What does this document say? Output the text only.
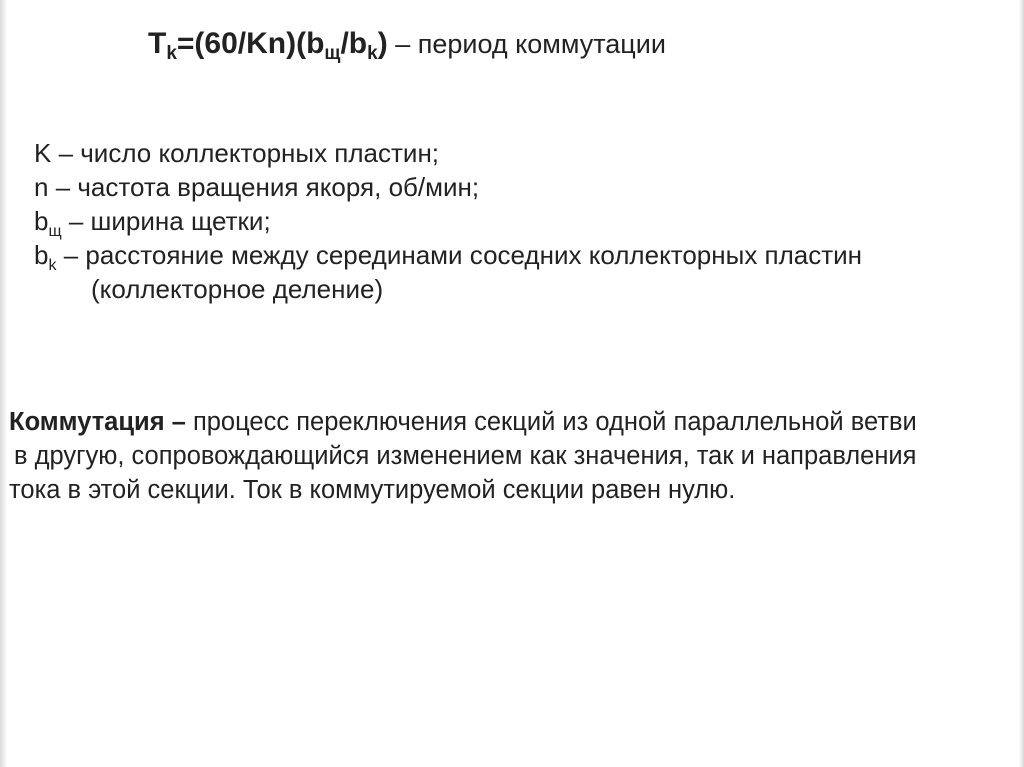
$T_k=(60/Kn)(b_щ/b_k)$ – период коммутации
K – число коллекторных пластин;
n – частота вращения якоря, об/мин;
$b_щ$ – ширина щетки;
$b_k$ – расстояние между серединами соседних коллекторных пластин
(коллекторное деление)
Коммутация – процесс переключения секций из одной параллельной ветви
в другую, сопровождающийся изменением как значения, так и направления
тока в этой секции. Ток в коммутируемой секции равен нулю.
